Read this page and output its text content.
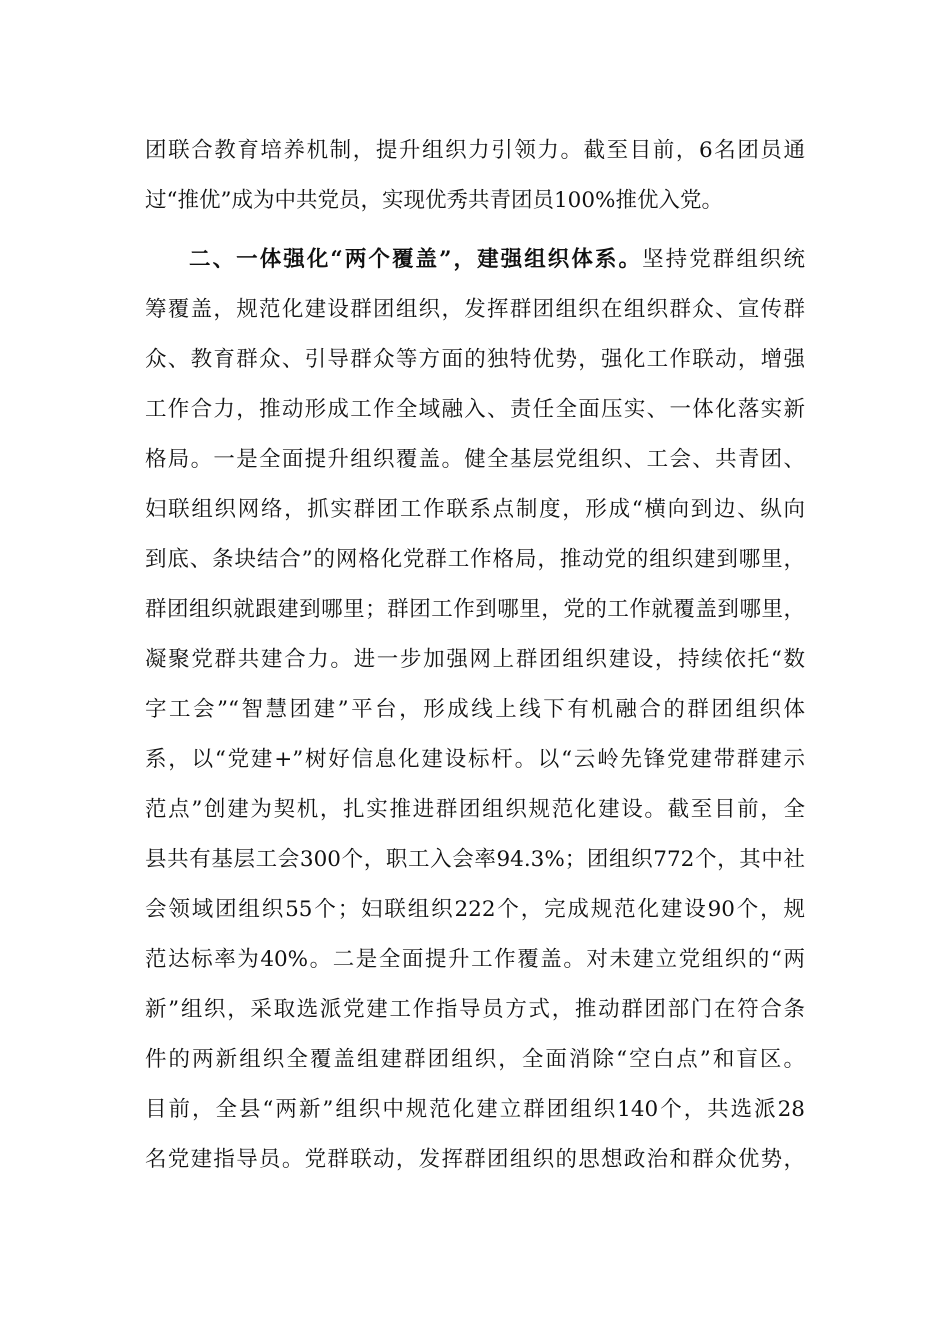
团联合教育培养机制，提升组织力引领力。截至目前，6名团员通
过“推优”成为中共党员，实现优秀共青团员100%推优入党。
二、一体强化“两个覆盖”，建强组织体系。坚持党群组织统
筹覆盖，规范化建设群团组织，发挥群团组织在组织群众、宣传群
众、教育群众、引导群众等方面的独特优势，强化工作联动，增强
工作合力，推动形成工作全域融入、责任全面压实、一体化落实新
格局。一是全面提升组织覆盖。健全基层党组织、工会、共青团、
妇联组织网络，抓实群团工作联系点制度，形成“横向到边、纵向
到底、条块结合”的网格化党群工作格局，推动党的组织建到哪里，
群团组织就跟建到哪里；群团工作到哪里，党的工作就覆盖到哪里，
凝聚党群共建合力。进一步加强网上群团组织建设，持续依托“数
字工会”“智慧团建”平台，形成线上线下有机融合的群团组织体
系，以“党建+”树好信息化建设标杆。以“云岭先锋党建带群建示
范点”创建为契机，扎实推进群团组织规范化建设。截至目前，全
县共有基层工会300个，职工入会率94.3%；团组织772个，其中社
会领域团组织55个；妇联组织222个，完成规范化建设90个，规
范达标率为40%。二是全面提升工作覆盖。对未建立党组织的“两
新”组织，采取选派党建工作指导员方式，推动群团部门在符合条
件的两新组织全覆盖组建群团组织，全面消除“空白点”和盲区。
目前，全县“两新”组织中规范化建立群团组织140个，共选派28
名党建指导员。党群联动，发挥群团组织的思想政治和群众优势，
